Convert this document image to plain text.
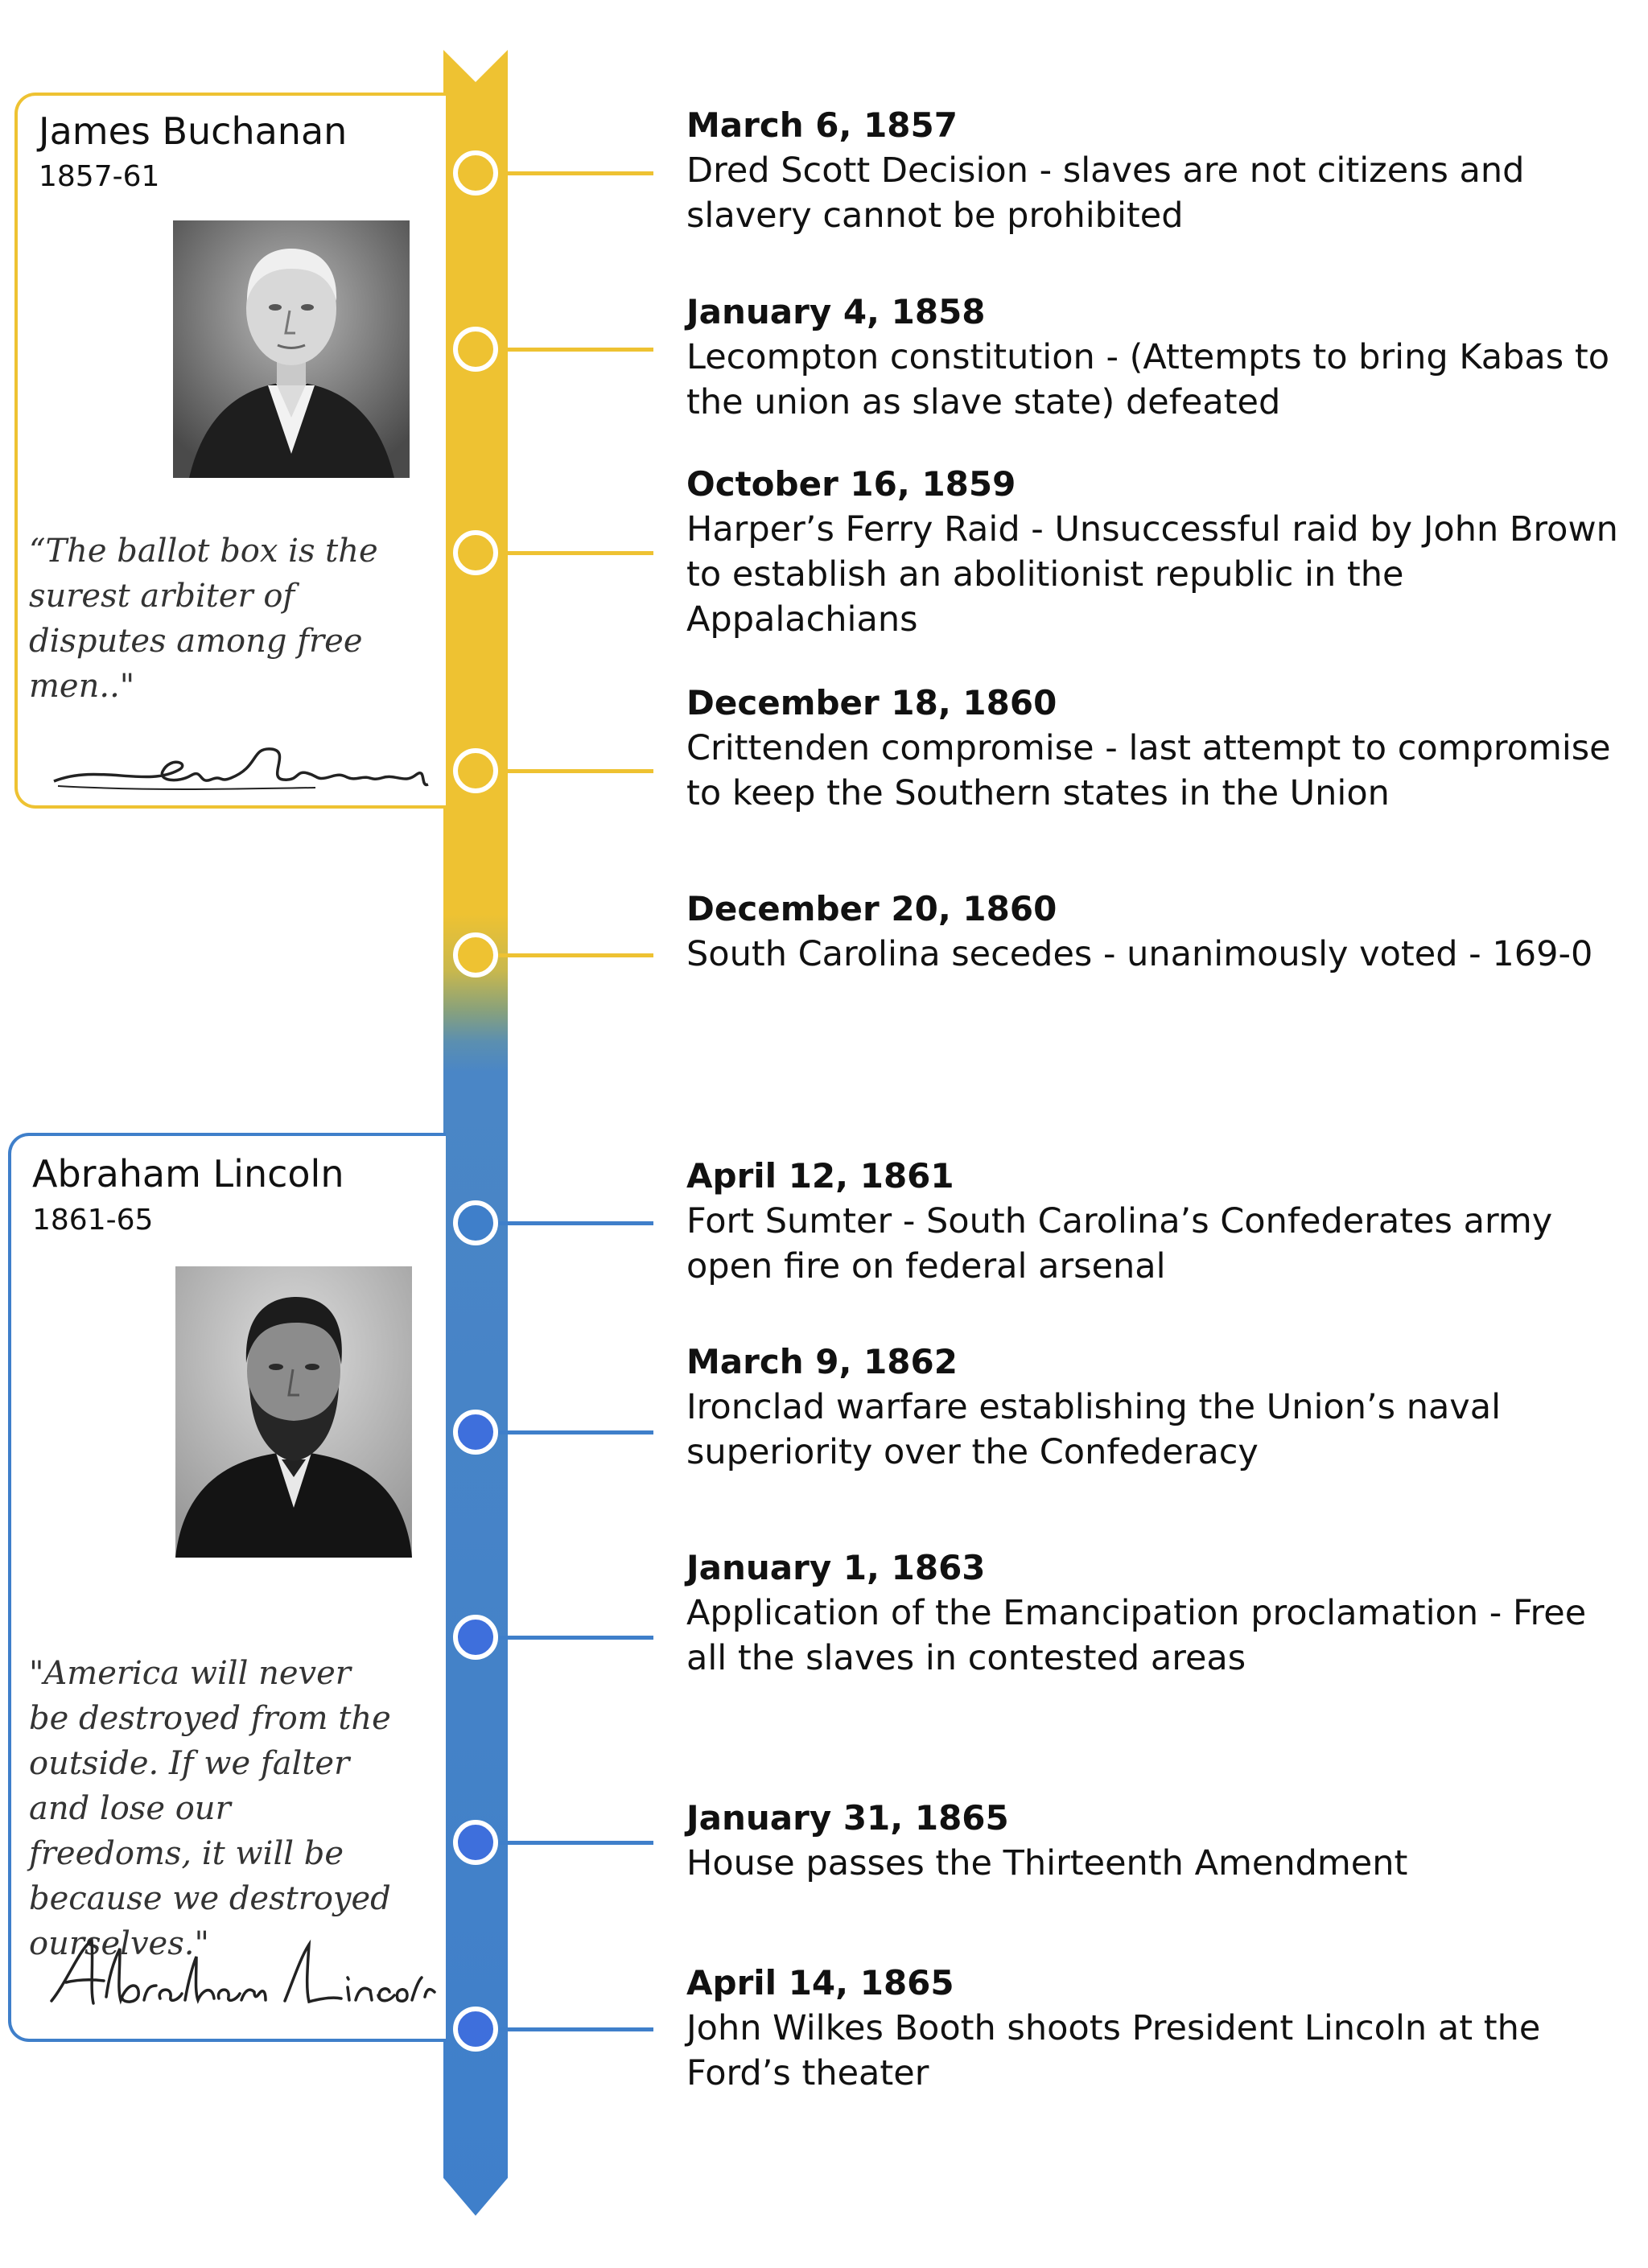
James Buchanan
1857-61
“The ballot box is the surest arbiter of disputes among free men.."
Abraham Lincoln
1861-65
"America will never be destroyed from the outside. If we falter and lose our freedoms, it will be because we destroyed ourselves."
March 6, 1857
Dred Scott Decision - slaves are not citizens and slavery cannot be prohibited
January 4, 1858
Lecompton constitution - (Attempts to bring Kabas to the union as slave state) defeated
October 16, 1859
Harper’s Ferry Raid - Unsuccessful raid by John Brown to establish an abolitionist republic in the Appalachians
December 18, 1860
Crittenden compromise - last attempt to compromise to keep the Southern states in the Union
December 20, 1860
South Carolina secedes - unanimously voted - 169-0
April 12, 1861
Fort Sumter - South Carolina’s Confederates army open fire on federal arsenal
March 9, 1862
Ironclad warfare establishing the Union’s naval superiority over the Confederacy
January 1, 1863
Application of the Emancipation proclamation - Free all the slaves in contested areas
January 31, 1865
House passes the Thirteenth Amendment
April 14, 1865
John Wilkes Booth shoots President Lincoln at the Ford’s theater
